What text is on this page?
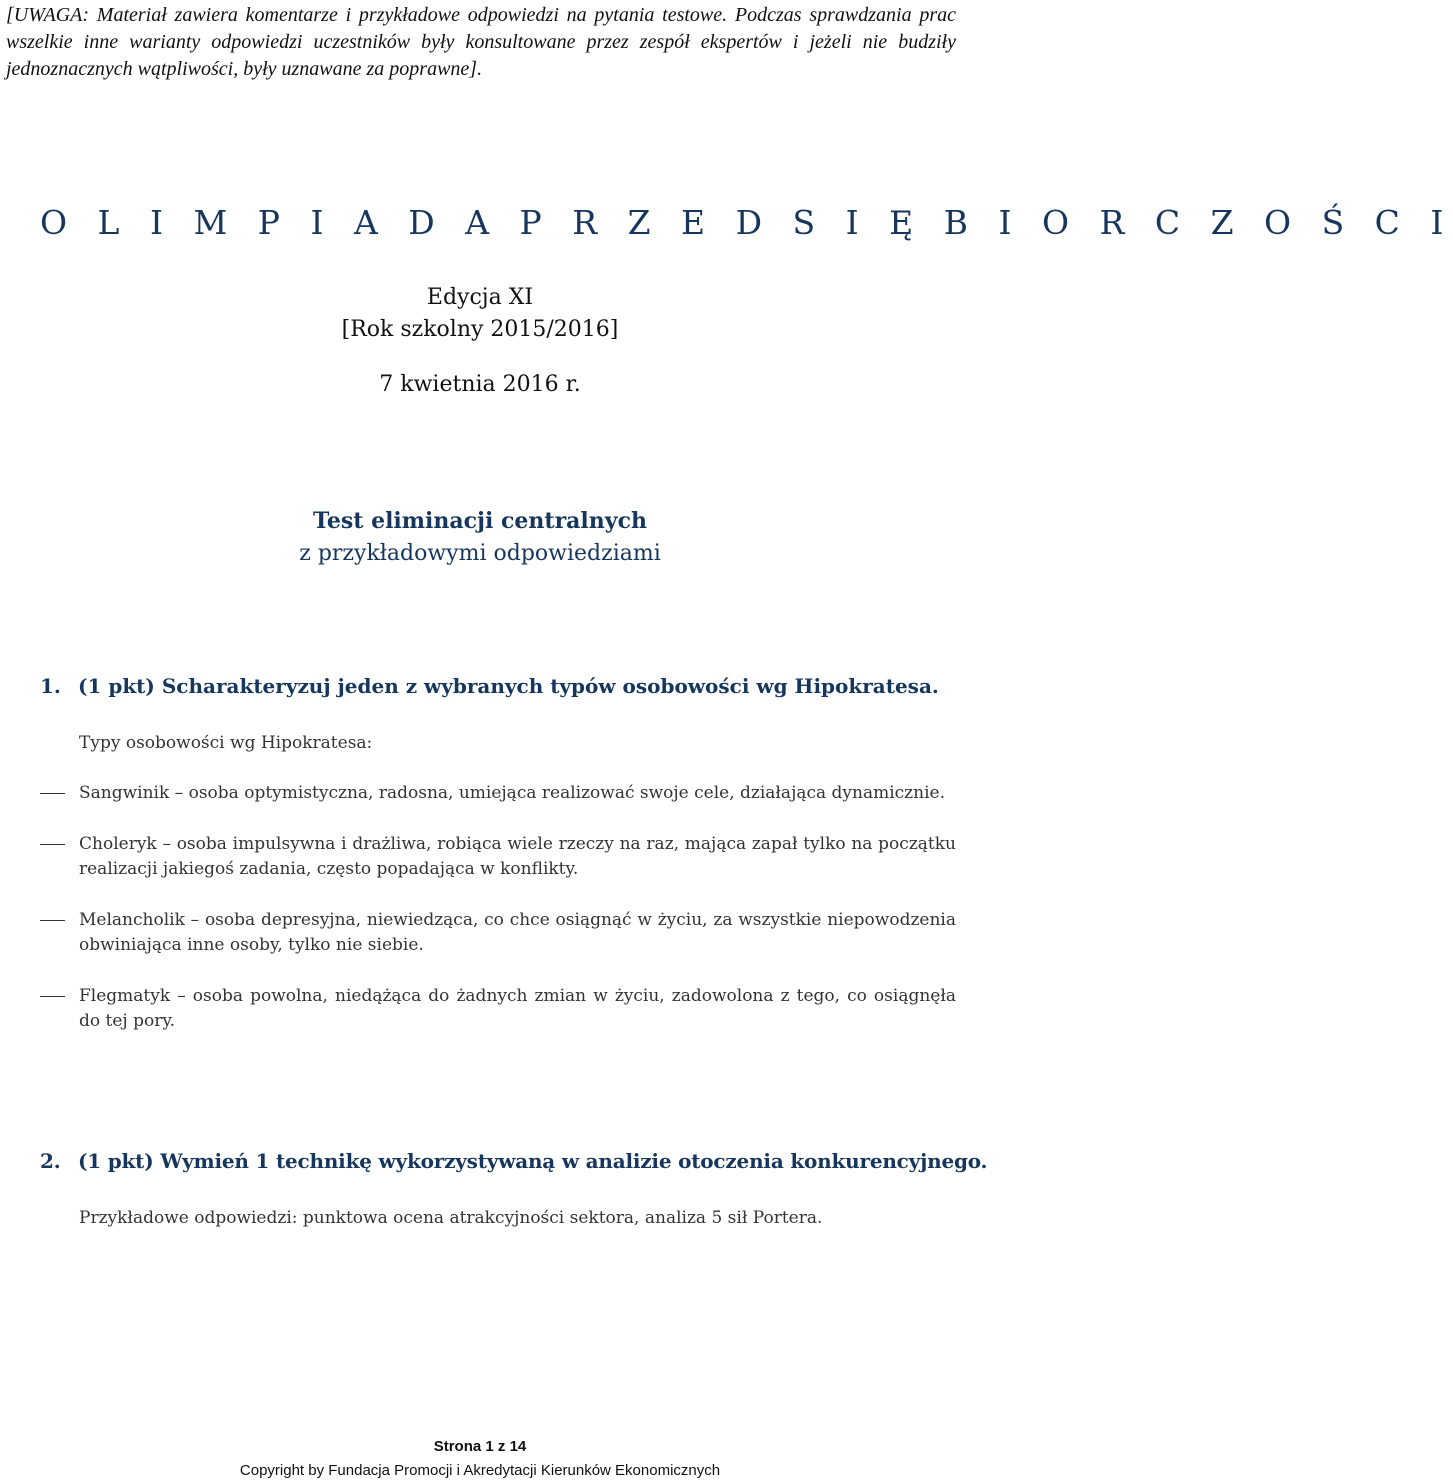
[UWAGA: Materiał zawiera komentarze i przykładowe odpowiedzi na pytania testowe. Podczas sprawdzania prac wszelkie inne warianty odpowiedzi uczestników były konsultowane przez zespół ekspertów i jeżeli nie budziły jednoznacznych wątpliwości, były uznawane za poprawne].

O L I M P I A D A P R Z E D S I Ę B I O R C Z O Ś C I
Edycja XI
[Rok szkolny 2015/2016]

7 kwietnia 2016 r.

Test eliminacji centralnych

z przykładowymi odpowiedziami

1. (1 pkt) Scharakteryzuj jeden z wybranych typów osobowości wg Hipokratesa.

Typy osobowości wg Hipokratesa:

Sangwinik – osoba optymistyczna, radosna, umiejąca realizować swoje cele, działająca dynamicznie.
Choleryk – osoba impulsywna i drażliwa, robiąca wiele rzeczy na raz, mająca zapał tylko na początku realizacji jakiegoś zadania, często popadająca w konflikty.
Melancholik – osoba depresyjna, niewiedząca, co chce osiągnąć w życiu, za wszystkie niepowodzenia obwiniająca inne osoby, tylko nie siebie.
Flegmatyk – osoba powolna, niedążąca do żadnych zmian w życiu, zadowolona z tego, co osiągnęła do tej pory.

2. (1 pkt) Wymień 1 technikę wykorzystywaną w analizie otoczenia konkurencyjnego.

Przykładowe odpowiedzi: punktowa ocena atrakcyjności sektora, analiza 5 sił Portera.

Strona 1 z 14

Copyright by Fundacja Promocji i Akredytacji Kierunków Ekonomicznych
